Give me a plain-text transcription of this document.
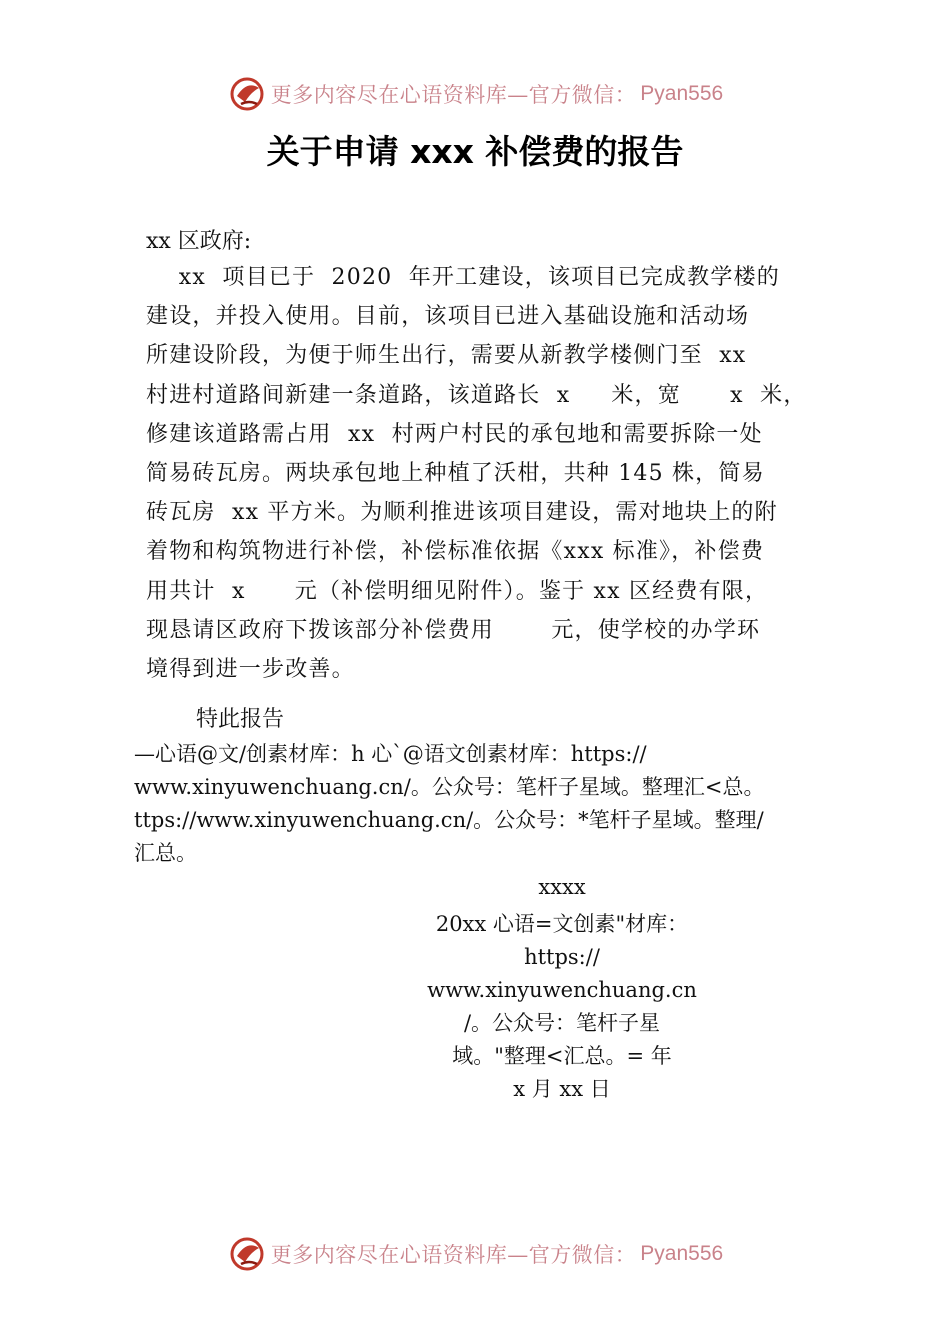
更多内容尽在心语资料库—官方微信： Pyan556
关于申请 xxx 补偿费的报告
xx 区政府:
xx  项目已于  2020  年开工建设，该项目已完成教学楼的
建设，并投入使用。目前，该项目已进入基础设施和活动场
所建设阶段，为便于师生出行，需要从新教学楼侧门至  xx
村进村道路间新建一条道路，该道路长  x     米，宽      x  米，
修建该道路需占用  xx  村两户村民的承包地和需要拆除一处
简易砖瓦房。两块承包地上种植了沃柑，共种 145 株，简易
砖瓦房  xx 平方米。为顺利推进该项目建设，需对地块上的附
着物和构筑物进行补偿，补偿标准依据《xxx 标准》，补偿费
用共计  x      元（补偿明细见附件）。鉴于 xx 区经费有限，
现恳请区政府下拨该部分补偿费用       元，使学校的办学环
境得到进一步改善。
特此报告
—心语@文/创素材库：h 心`@语文创素材库：https://
www.xinyuwenchuang.cn/。公众号：笔杆子星域。整理汇<总。
ttps://www.xinyuwenchuang.cn/。公众号：*笔杆子星域。整理/
汇总。
xxxx
20xx 心语=文创素"材库：
https://
www.xinyuwenchuang.cn
/。公众号：笔杆子星
域。"整理<汇总。= 年
x 月 xx 日
更多内容尽在心语资料库—官方微信： Pyan556
